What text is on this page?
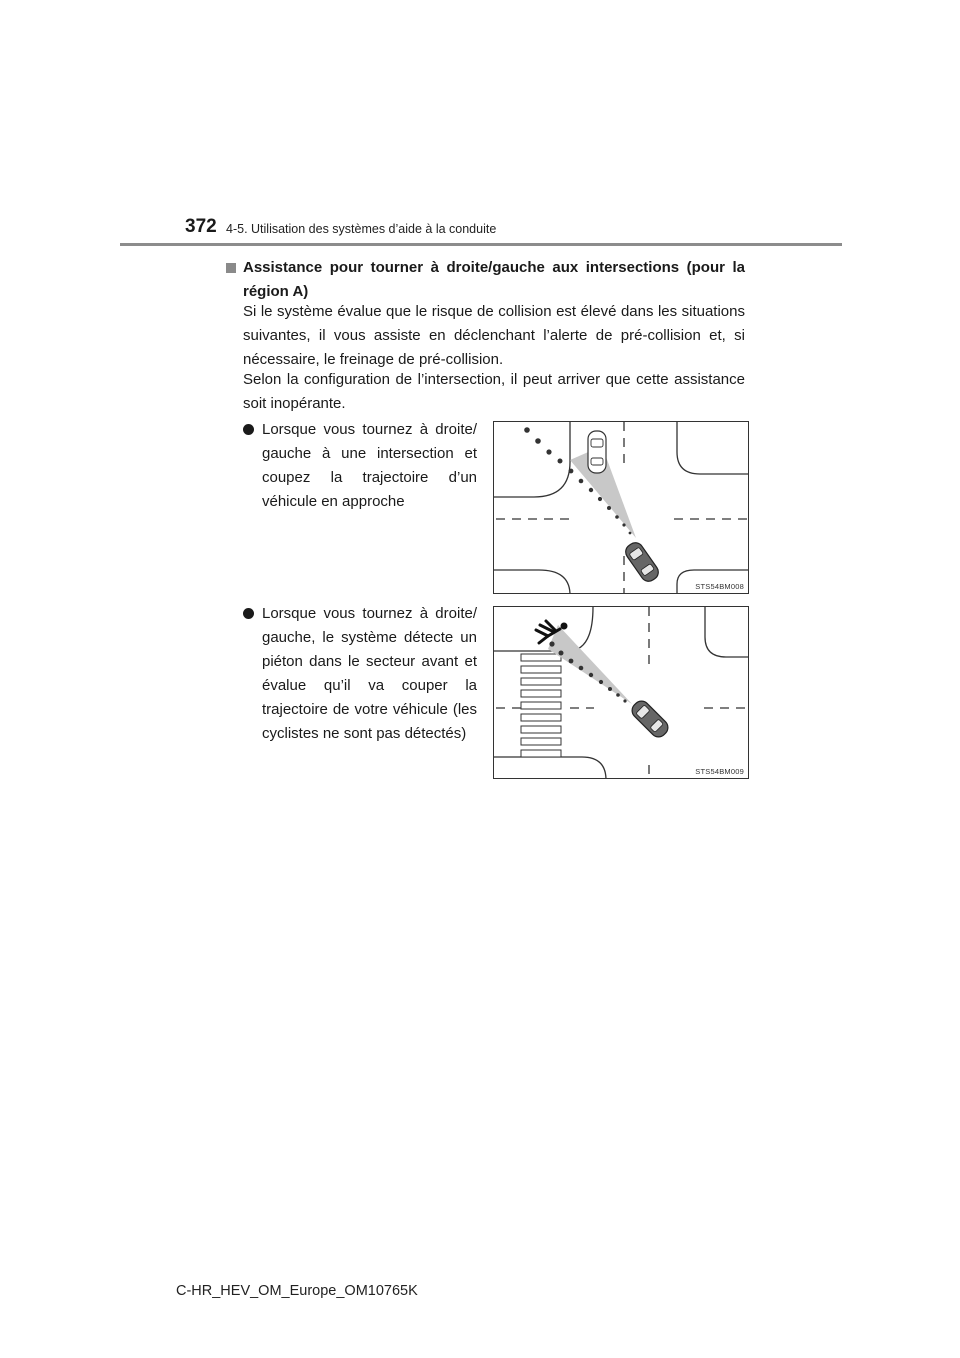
372 4-5. Utilisation des systèmes d’aide à la conduite
Assistance pour tourner à droite/gauche aux intersections (pour la région A)
Si le système évalue que le risque de collision est élevé dans les situations suivantes, il vous assiste en déclenchant l’alerte de pré-collision et, si nécessaire, le freinage de pré-collision.
Selon la configuration de l’intersection, il peut arriver que cette assistance soit inopérante.
Lorsque vous tournez à droite/ gauche à une intersection et coupez la trajectoire d’un véhicule en approche
STS54BM008
Lorsque vous tournez à droite/ gauche, le système détecte un piéton dans le secteur avant et évalue qu’il va couper la trajectoire de votre véhicule (les cyclistes ne sont pas détectés)
STS54BM009
C-HR_HEV_OM_Europe_OM10765K
